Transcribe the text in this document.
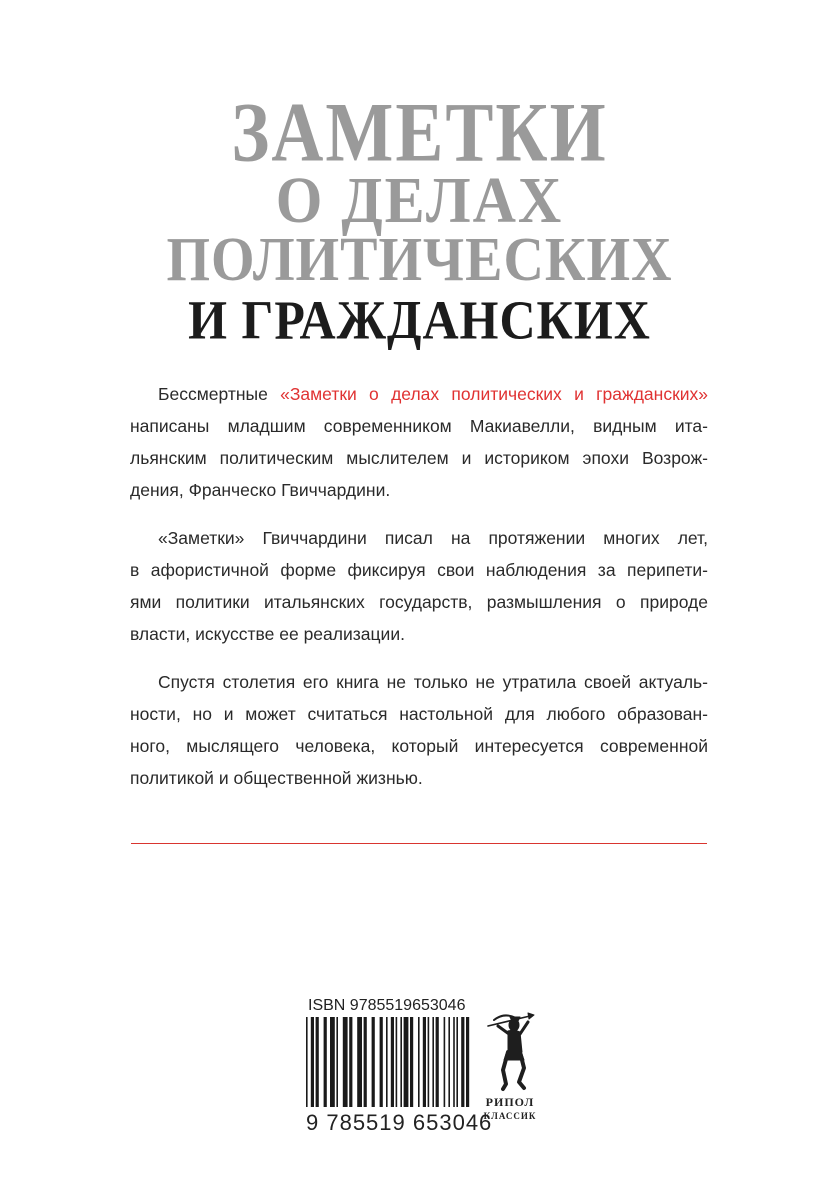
ЗАМЕТКИ
О ДЕЛАХ
ПОЛИТИЧЕСКИХ
И ГРАЖДАНСКИХ
Бессмертные «Заметки о делах политических и гражданских»
написаны младшим современником Макиавелли, видным ита-
льянским политическим мыслителем и историком эпохи Возрож-
дения, Франческо Гвиччардини.
«Заметки» Гвиччардини писал на протяжении многих лет,
в афористичной форме фиксируя свои наблюдения за перипети-
ями политики итальянских государств, размышления о природе
власти, искусстве ее реализации.
Спустя столетия его книга не только не утратила своей актуаль-
ности, но и может считаться настольной для любого образован-
ного, мыслящего человека, который интересуется современной
политикой и общественной жизнью.
ISBN 9785519653046
9 785519 653046
РИПОЛ
КЛАССИК
